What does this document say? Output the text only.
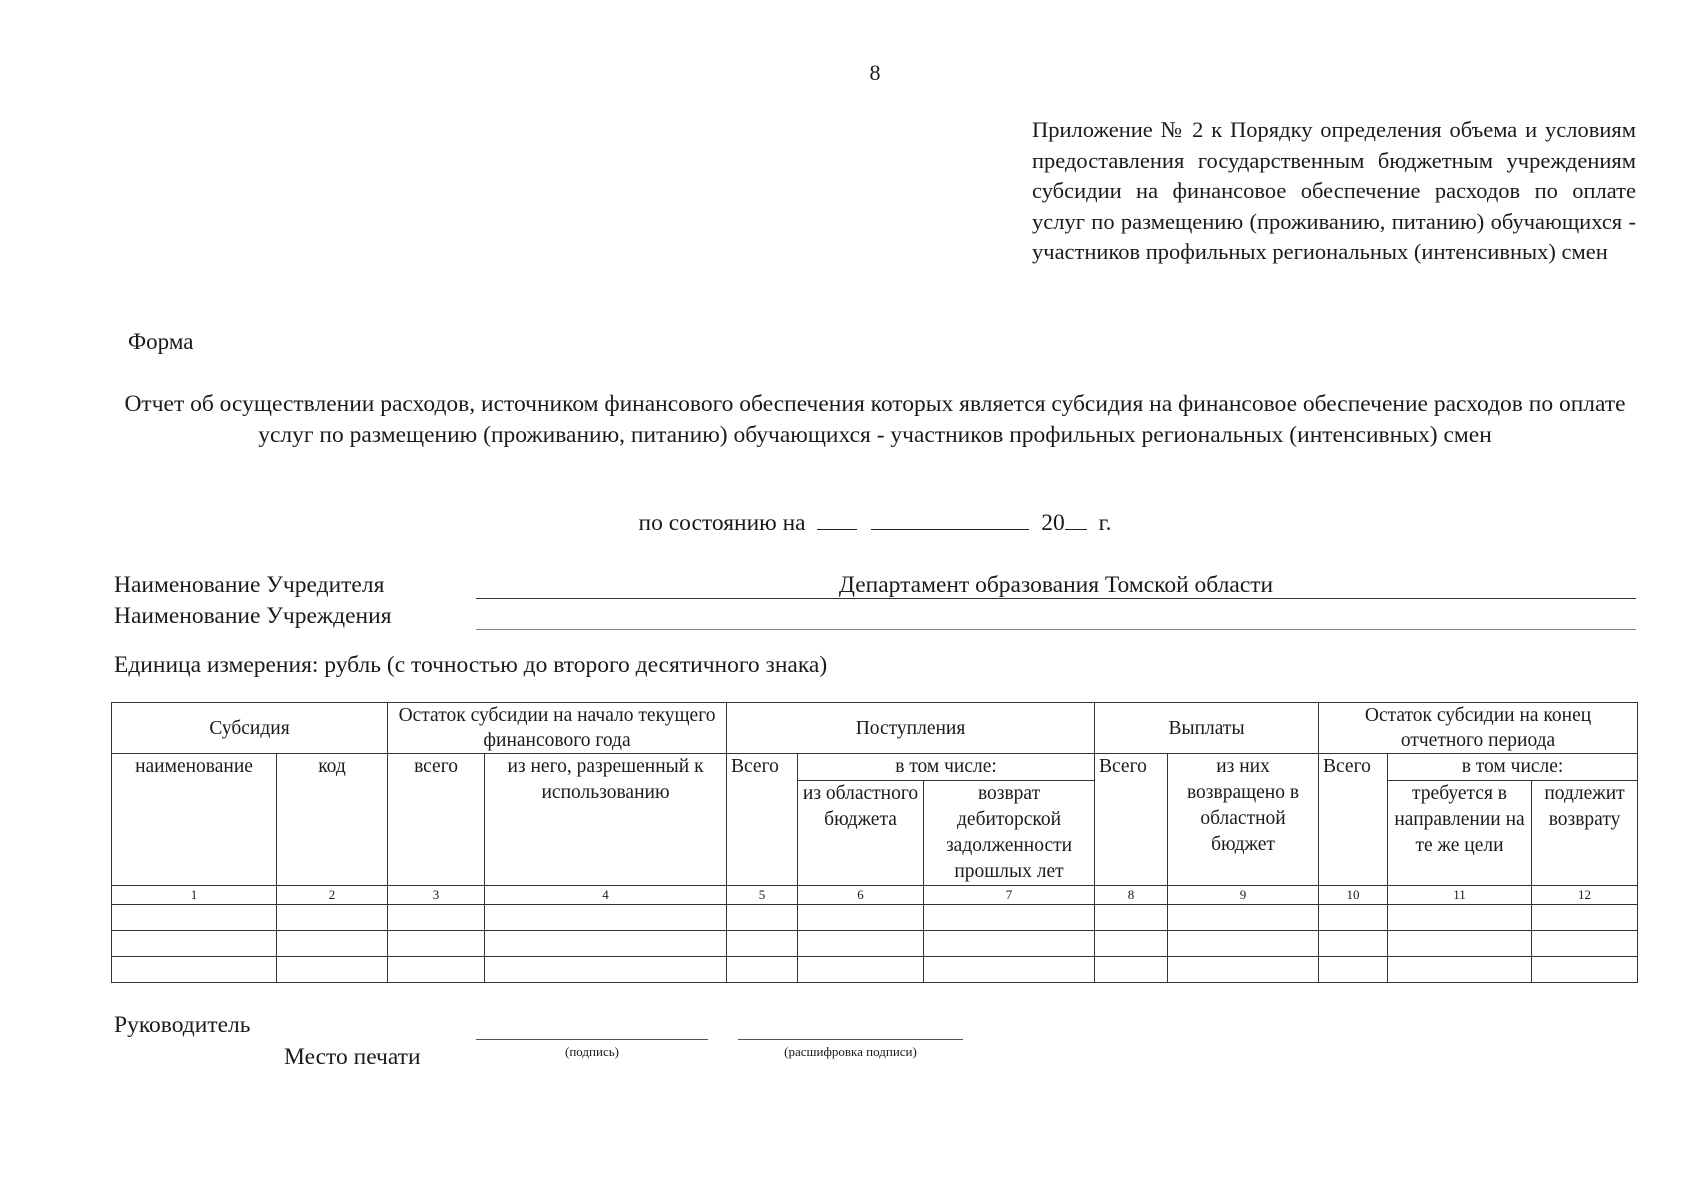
8
Приложение № 2 к Порядку определения объема и условиям предоставления государственным бюджетным учреждениям субсидии на финансовое обеспечение расходов по оплате услуг по размещению (проживанию, питанию) обучающихся - участников профильных региональных (интенсивных) смен
Форма
Отчет об осуществлении расходов, источником финансового обеспечения которых является субсидия на финансовое обеспечение расходов по оплате услуг по размещению (проживанию, питанию) обучающихся - участников профильных региональных (интенсивных) смен
по состоянию на	20 г.
Наименование Учредителя	Департамент образования Томской области
Наименование Учреждения
Единица измерения: рубль (с точностью до второго десятичного знака)
Субсидия		Остаток субсидии на начало текущего финансового года		Поступления			Выплаты		Остаток субсидии на конец отчетного периода		
наименование	код	всего	из него, разрешенный к использованию	Всего	в том числе:		Всего	из них возвращено в областной бюджет	Всего	в том числе:	
					из областного бюджета	возврат дебиторской задолженности прошлых лет				требуется в направлении на те же цели	подлежит возврату
1	2	3	4	5	6	7	8	9	10	11	12

Руководитель
Место печати	(подпись)	(расшифровка подписи)
